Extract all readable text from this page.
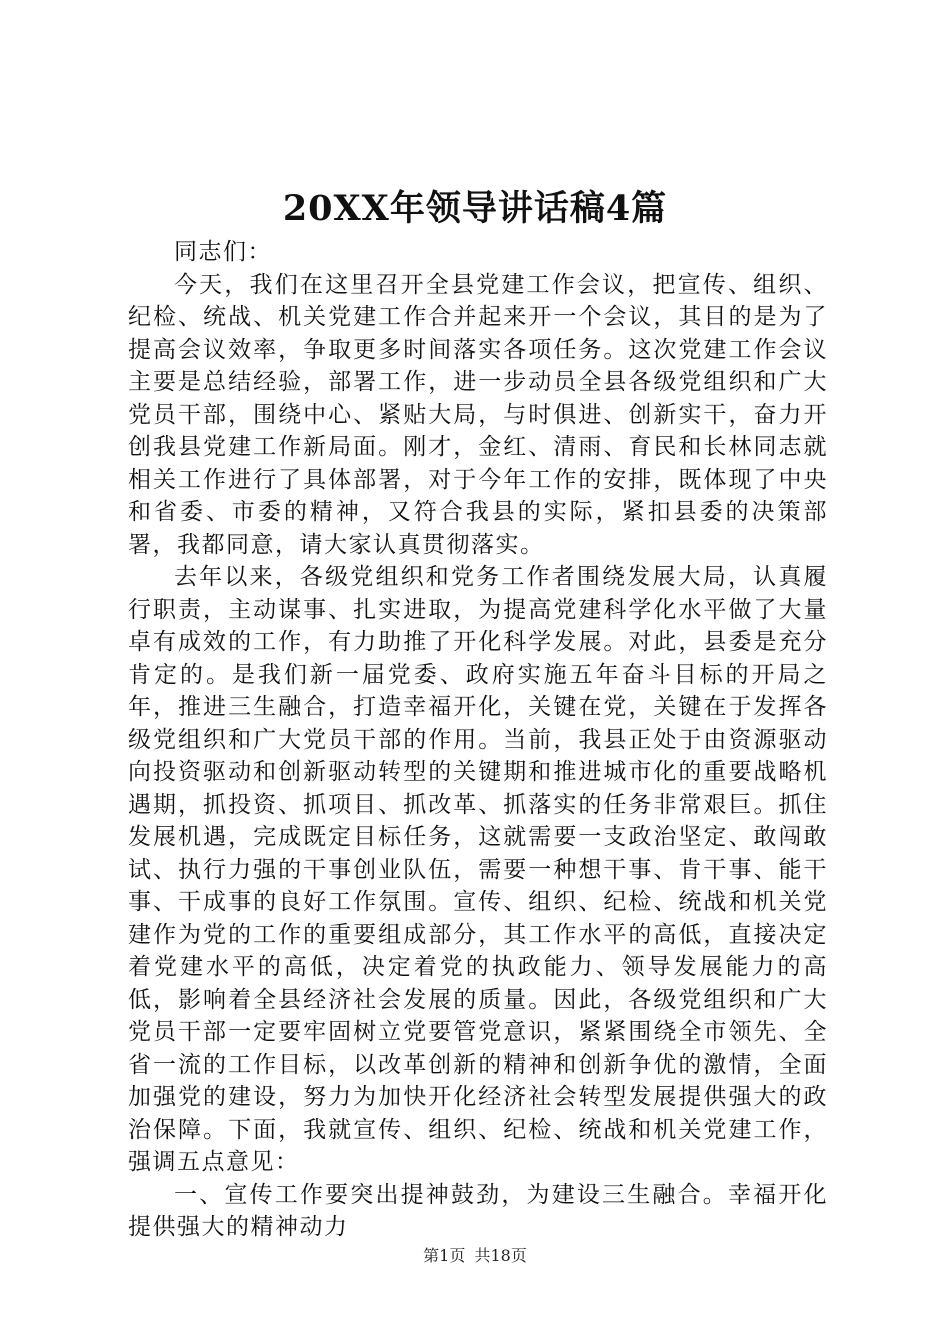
20XX年领导讲话稿4篇

同志们：

今天，我们在这里召开全县党建工作会议，把宣传、组织、纪检、统战、机关党建工作合并起来开一个会议，其目的是为了提高会议效率，争取更多时间落实各项任务。这次党建工作会议主要是总结经验，部署工作，进一步动员全县各级党组织和广大党员干部，围绕中心、紧贴大局，与时俱进、创新实干，奋力开创我县党建工作新局面。刚才，金红、清雨、育民和长林同志就相关工作进行了具体部署，对于今年工作的安排，既体现了中央和省委、市委的精神，又符合我县的实际，紧扣县委的决策部署，我都同意，请大家认真贯彻落实。

去年以来，各级党组织和党务工作者围绕发展大局，认真履行职责，主动谋事、扎实进取，为提高党建科学化水平做了大量卓有成效的工作，有力助推了开化科学发展。对此，县委是充分肯定的。是我们新一届党委、政府实施五年奋斗目标的开局之年，推进三生融合，打造幸福开化，关键在党，关键在于发挥各级党组织和广大党员干部的作用。当前，我县正处于由资源驱动向投资驱动和创新驱动转型的关键期和推进城市化的重要战略机遇期，抓投资、抓项目、抓改革、抓落实的任务非常艰巨。抓住发展机遇，完成既定目标任务，这就需要一支政治坚定、敢闯敢试、执行力强的干事创业队伍，需要一种想干事、肯干事、能干事、干成事的良好工作氛围。宣传、组织、纪检、统战和机关党建作为党的工作的重要组成部分，其工作水平的高低，直接决定着党建水平的高低，决定着党的执政能力、领导发展能力的高低，影响着全县经济社会发展的质量。因此，各级党组织和广大党员干部一定要牢固树立党要管党意识，紧紧围绕全市领先、全省一流的工作目标，以改革创新的精神和创新争优的激情，全面加强党的建设，努力为加快开化经济社会转型发展提供强大的政治保障。下面，我就宣传、组织、纪检、统战和机关党建工作，强调五点意见：

一、宣传工作要突出提神鼓劲，为建设三生融合。幸福开化提供强大的精神动力

第1页 共18页
